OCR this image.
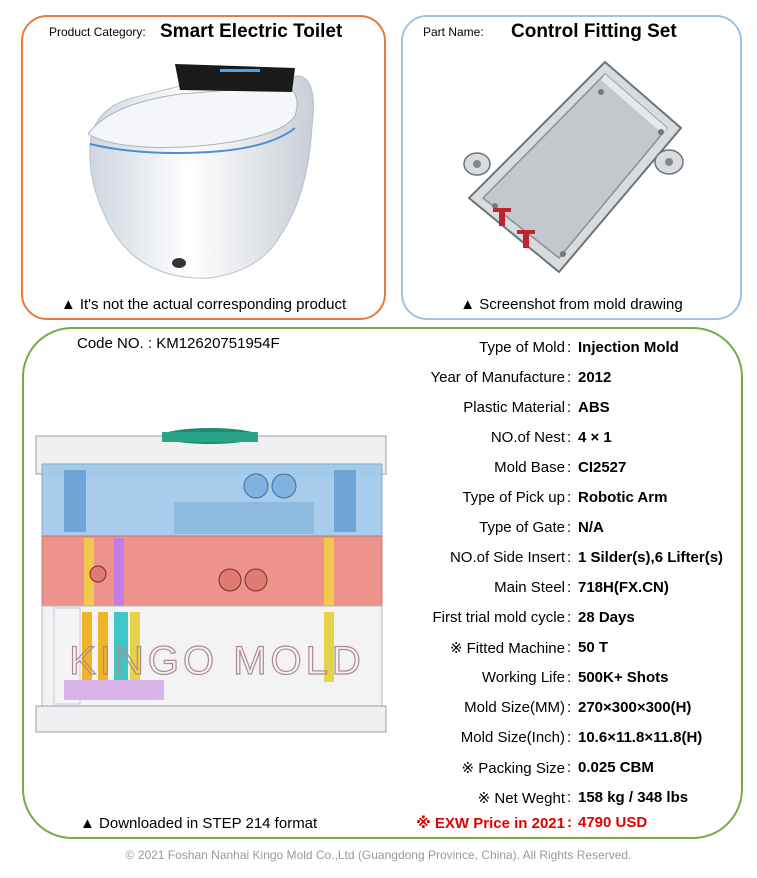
Product Category: Smart Electric Toilet
▲ It's not the actual corresponding product
Part Name: Control Fitting Set
▲ Screenshot from mold drawing
Code NO. : KM12620751954F
KINGO MOLD
▲ Downloaded in STEP 214 format
Type of Mold : Injection Mold
Year of Manufacture : 2012
Plastic Material : ABS
NO.of Nest : 4 × 1
Mold Base : CI2527
Type of Pick up : Robotic Arm
Type of Gate : N/A
NO.of Side Insert : 1 Silder(s),6 Lifter(s)
Main Steel : 718H(FX.CN)
First trial mold cycle : 28 Days
※ Fitted Machine : 50 T
Working Life : 500K+ Shots
Mold Size(MM) : 270×300×300(H)
Mold Size(Inch) : 10.6×11.8×11.8(H)
※ Packing Size : 0.025 CBM
※ Net Weght : 158 kg / 348 lbs
※ EXW Price in 2021 : 4790 USD
© 2021 Foshan Nanhai Kingo Mold Co.,Ltd (Guangdong Province, China). All Rights Reserved.
